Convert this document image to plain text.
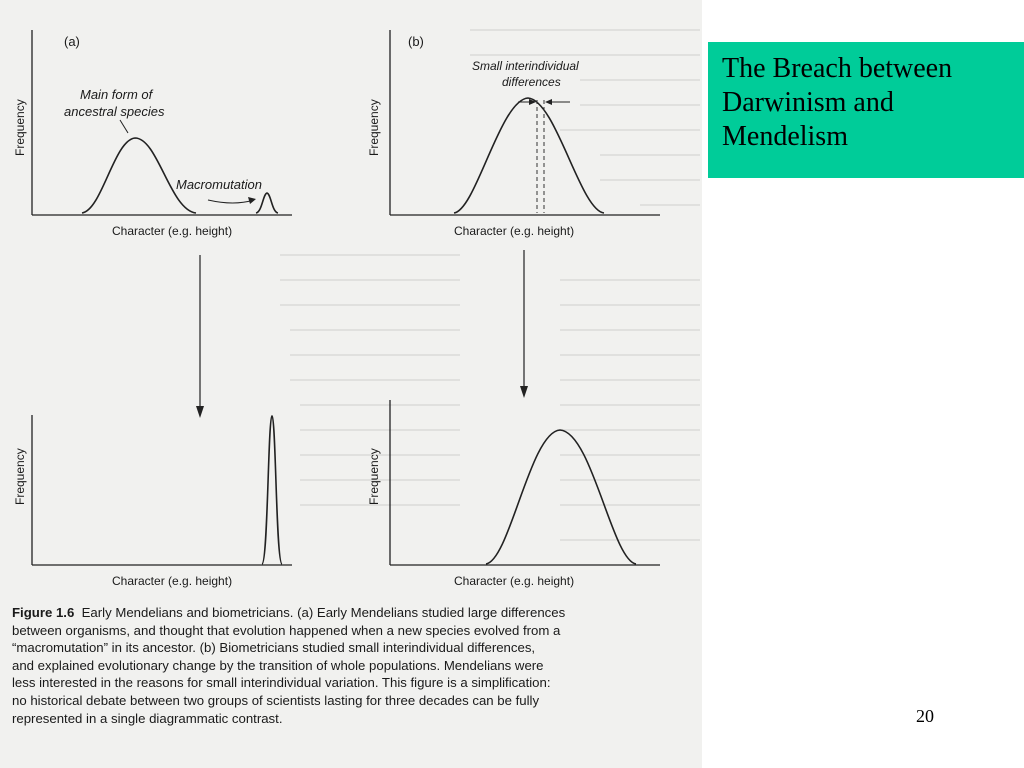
(a)
Frequency
Character (e.g. height)
Main form of
ancestral species
Macromutation
(b)
Frequency
Character (e.g. height)
Small interindividual
differences
Frequency
Character (e.g. height)
Frequency
Character (e.g. height)
Figure 1.6 Early Mendelians and biometricians. (a) Early Mendelians studied large differences
between organisms, and thought that evolution happened when a new species evolved from a
“macromutation” in its ancestor. (b) Biometricians studied small interindividual differences,
and explained evolutionary change by the transition of whole populations. Mendelians were
less interested in the reasons for small interindividual variation. This figure is a simplification:
no historical debate between two groups of scientists lasting for three decades can be fully
represented in a single diagrammatic contrast.
The Breach between
Darwinism and
Mendelism
20
